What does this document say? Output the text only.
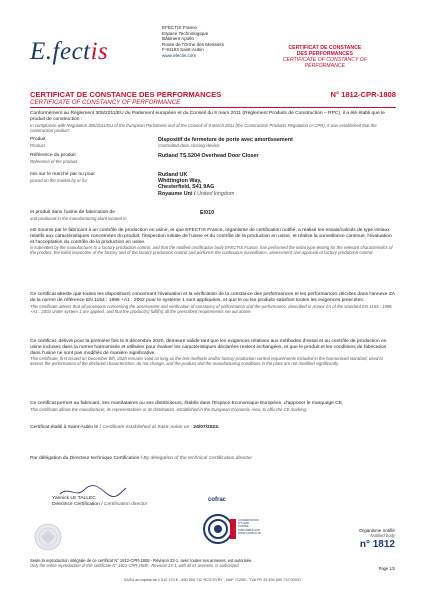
E.fectis
EFECTIS France
Espace Technologique
Bâtiment Apollo
Route de l'Orme des Merisiers
F-91193 Saint-Aubin
www.efectis.com
CERTIFICAT DE CONSTANCE
DES PERFORMANCES
CERTIFICATE OF CONSTANCY OF
PERFORMANCE
CERTIFICAT DE CONSTANCE DES PERFORMANCES
CERTIFICATE OF CONSTANCY OF PERFORMANCE
N° 1812-CPR-1808
Conformément au Règlement 305/2011/EU du Parlement européen et du Conseil du 9 mars 2011 (Règlement Produits de Construction – RPC), il a été établi que le produit de construction :
In compliance with Regulation 305/2011/EU of the European Parliament and of the Council of 9 March 2011 (the Construction Products Regulation or CPR), it was established that the construction product:
Produit
Product
Dispositif de fermeture de porte avec amortissement
Controlled door closing device
Référence du produit
Reference of the product
Rutland TS.5204 Overhead Door Closer
mis sur le marché par ou pour
placed on the market by or for
Rutland UK
Whittington Way,
Chesterfield, S41 9AG
Royaume Uni / United kingdom
et produit dans l'usine de fabrication de
and produced in the manufacturing plant located in
E/010
est soumis par le fabricant à un contrôle de production en usine, et que EFECTIS France, organisme de certification notifié, a réalisé les essais/calculs de type initiaux relatifs aux caractéristiques concernées du produit, l'inspection initiale de l'usine et du contrôle de la production en usine, et réalise la surveillance continue, l'évaluation et l'acceptation du contrôle de la production en usine.
is submitted by the manufacturer to a factory production control, and that the notified certification body EFECTIS France, has performed the initial type-testing for the relevant characteristics of the product, the initial inspection of the factory and of the factory production control and performs the continuous surveillance, assessment and approval of factory production control.
Ce certificat atteste que toutes les dispositions concernant l'évaluation et la vérification de la constance des performances et les performances décrites dans l'annexe ZA de la norme de référence EN 1154 : 1996 +A1 : 2002 pour le système 1 sont appliquées, et que le ou les produits satisfont toutes les exigences prescrites.
This certificate attests that all provisions concerning the assessment and verification of constancy of performance and the performance, described in Annex ZA of the standard EN 1154 : 1996 +A1 : 2002 under system 1 are applied, and that the product(s) fulfil(s) all the prescribed requirements set out above.
Ce certificat, délivré pour la première fois le 8 décembre 2020, demeure valide tant que les exigences relatives aux méthodes d'essai et au contrôle de production en usine incluses dans la norme harmonisée et utilisées pour évaluer les caractéristiques déclarées restent inchangées, et que le produit et les conditions de fabrication dans l'usine ne sont pas modifiés de manière significative.
This certificate, first issued on December 8th, 2020 remains valid as long as the test methods and/or factory production control requirements included in the harmonised standard, used to assess the performance of the declared characteristics, do not change, and the product and the manufacturing conditions in the plant are not modified significantly.
Ce certificat permet au fabricant, ses mandataires ou ses distributeurs, établis dans l'Espace Economique Européen, d'apposer le marquage CE.
This certificate allows the manufacturer, its representatives or its distributors, established in the European Economic Area, to affix the CE marking.
Certificat établi à Saint-Aubin le / Certificate established at Saint-Aubin on : 24/07/2023.
Par délégation du Directeur technique Certification / By delegation of the technical Certification director
Yannick LE TALLEC
Directrice Certification / Certification director
cofrac
ACCREDITATION
N°5-0020
PORTEE
DISPONIBLE SUR
WWW.COFRAC.FR
Organisme notifié
Notified body
n° 1812
Seule la reproduction intégrale de ce certificat N° 1812-CPR-1808 - Révision 23-1, avec toutes ses annexes, est autorisée.
Only the entire reproduction of this certificate N° 1812-CPR-1808 - Revision 23-1, with all its annexes, is authorized.
Page 1/2
SASU au capital de 1 512 170 € - 490 550 712 RCS EVRY - NAF 7120B - TVA FR 33 490 550 712 00031
